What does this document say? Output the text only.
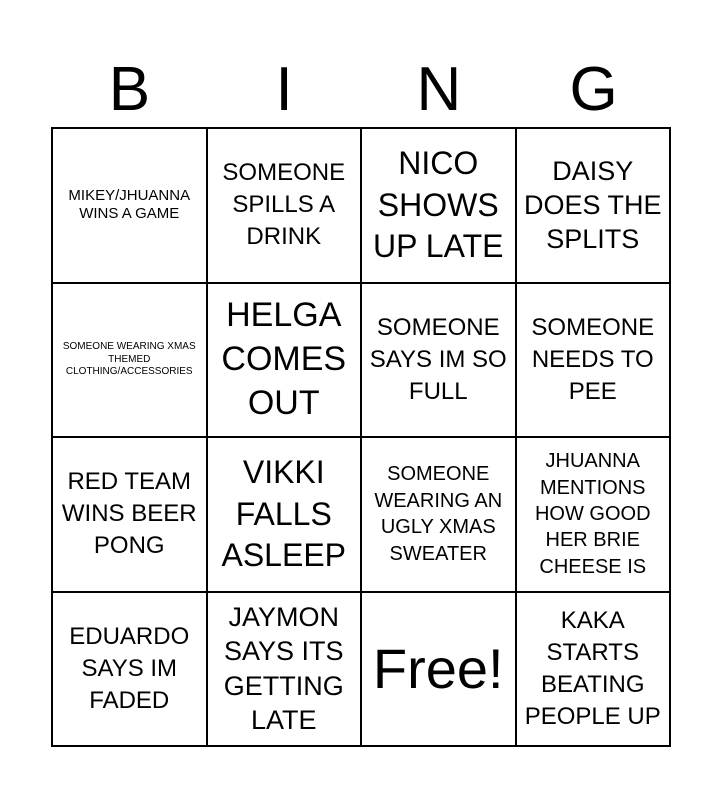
B	I	N	G
MIKEY/JHUANNA WINS A GAME
SOMEONE SPILLS A DRINK
NICO SHOWS UP LATE
DAISY DOES THE SPLITS
SOMEONE WEARING XMAS THEMED CLOTHING/ACCESSORIES
HELGA COMES OUT
SOMEONE SAYS IM SO FULL
SOMEONE NEEDS TO PEE
RED TEAM WINS BEER PONG
VIKKI FALLS ASLEEP
SOMEONE WEARING AN UGLY XMAS SWEATER
JHUANNA MENTIONS HOW GOOD HER BRIE CHEESE IS
EDUARDO SAYS IM FADED
JAYMON SAYS ITS GETTING LATE
Free!
KAKA STARTS BEATING PEOPLE UP
